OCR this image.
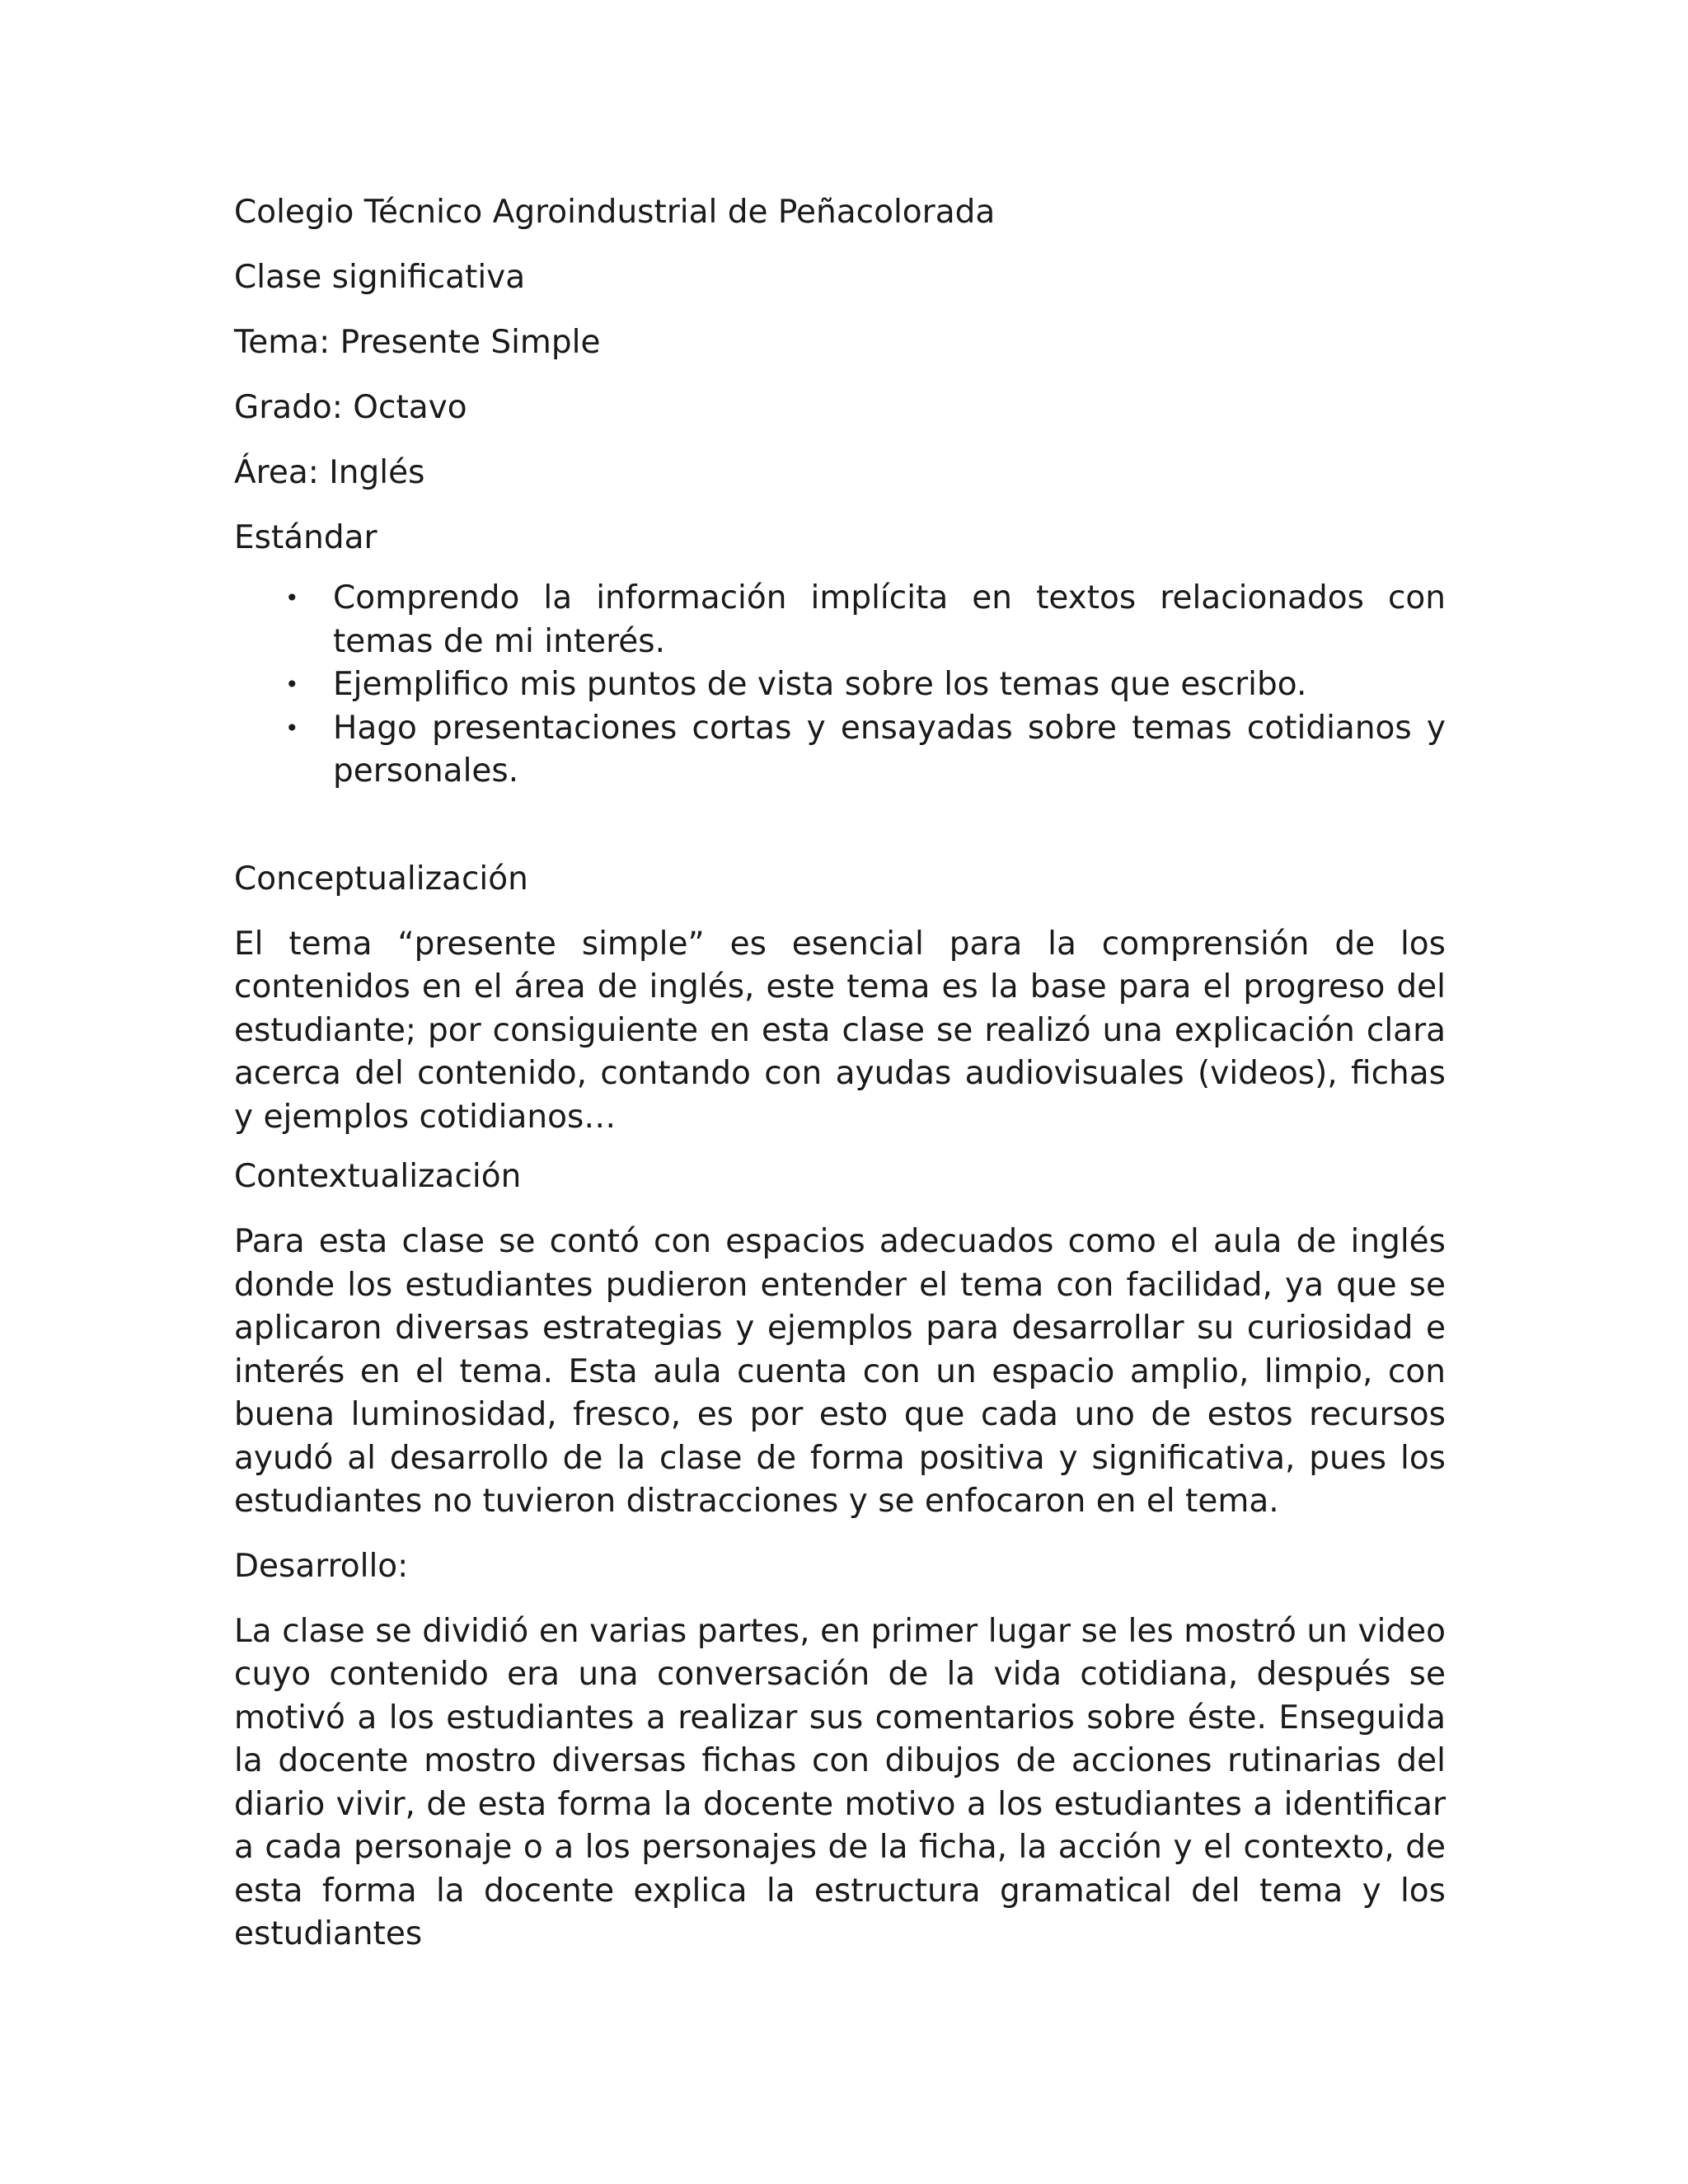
Colegio Técnico Agroindustrial de Peñacolorada

Clase significativa

Tema: Presente Simple

Grado: Octavo

Área: Inglés

Estándar

• Comprendo la información implícita en textos relacionados con temas de mi interés.
• Ejemplifico mis puntos de vista sobre los temas que escribo.
• Hago presentaciones cortas y ensayadas sobre temas cotidianos y personales.

Conceptualización

El tema “presente simple” es esencial para la comprensión de los contenidos en el área de inglés, este tema es la base para el progreso del estudiante; por consiguiente en esta clase se realizó una explicación clara acerca del contenido, contando con ayudas audiovisuales (videos), fichas y ejemplos cotidianos…

Contextualización

Para esta clase se contó con espacios adecuados como el aula de inglés donde los estudiantes pudieron entender el tema con facilidad, ya que se aplicaron diversas estrategias y ejemplos para desarrollar su curiosidad e interés en el tema. Esta aula cuenta con un espacio amplio, limpio, con buena luminosidad, fresco, es por esto que cada uno de estos recursos ayudó al desarrollo de la clase de forma positiva y significativa, pues los estudiantes no tuvieron distracciones y se enfocaron en el tema.

Desarrollo:

La clase se dividió en varias partes, en primer lugar se les mostró un video cuyo contenido era una conversación de la vida cotidiana, después se motivó a los estudiantes a realizar sus comentarios sobre éste. Enseguida la docente mostro diversas fichas con dibujos de acciones rutinarias del diario vivir, de esta forma la docente motivo a los estudiantes a identificar a cada personaje o a los personajes de la ficha, la acción y el contexto, de esta forma la docente explica la estructura gramatical del tema y los estudiantes
